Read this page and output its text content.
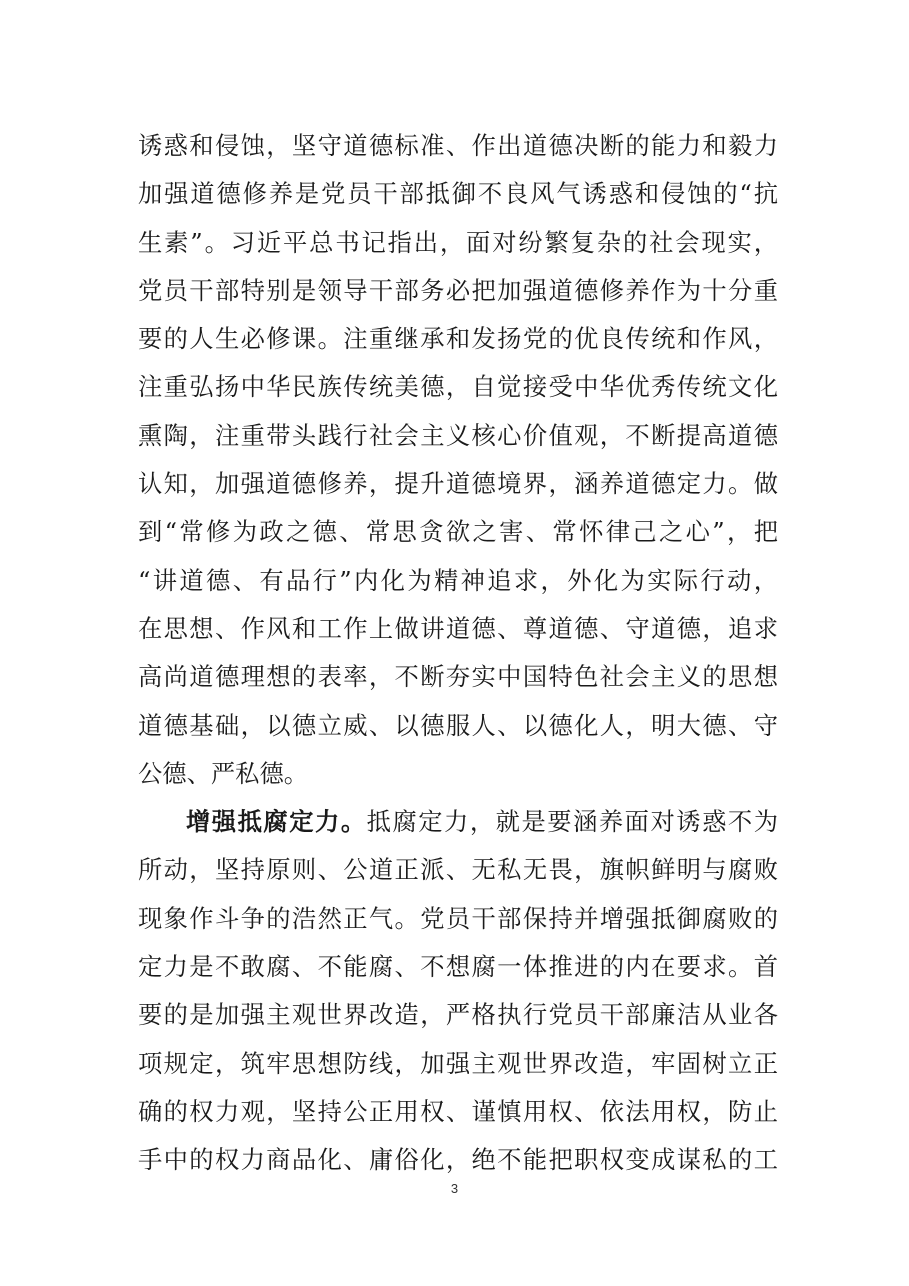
诱惑和侵蚀，坚守道德标准、作出道德决断的能力和毅力
加强道德修养是党员干部抵御不良风气诱惑和侵蚀的“抗
生素”。习近平总书记指出，面对纷繁复杂的社会现实，
党员干部特别是领导干部务必把加强道德修养作为十分重
要的人生必修课。注重继承和发扬党的优良传统和作风，
注重弘扬中华民族传统美德，自觉接受中华优秀传统文化
熏陶，注重带头践行社会主义核心价值观，不断提高道德
认知，加强道德修养，提升道德境界，涵养道德定力。做
到“常修为政之德、常思贪欲之害、常怀律己之心”，把
“讲道德、有品行”内化为精神追求，外化为实际行动，
在思想、作风和工作上做讲道德、尊道德、守道德，追求
高尚道德理想的表率，不断夯实中国特色社会主义的思想
道德基础，以德立威、以德服人、以德化人，明大德、守
公德、严私德。
增强抵腐定力。抵腐定力，就是要涵养面对诱惑不为
所动，坚持原则、公道正派、无私无畏，旗帜鲜明与腐败
现象作斗争的浩然正气。党员干部保持并增强抵御腐败的
定力是不敢腐、不能腐、不想腐一体推进的内在要求。首
要的是加强主观世界改造，严格执行党员干部廉洁从业各
项规定，筑牢思想防线，加强主观世界改造，牢固树立正
确的权力观，坚持公正用权、谨慎用权、依法用权，防止
手中的权力商品化、庸俗化，绝不能把职权变成谋私的工
3
